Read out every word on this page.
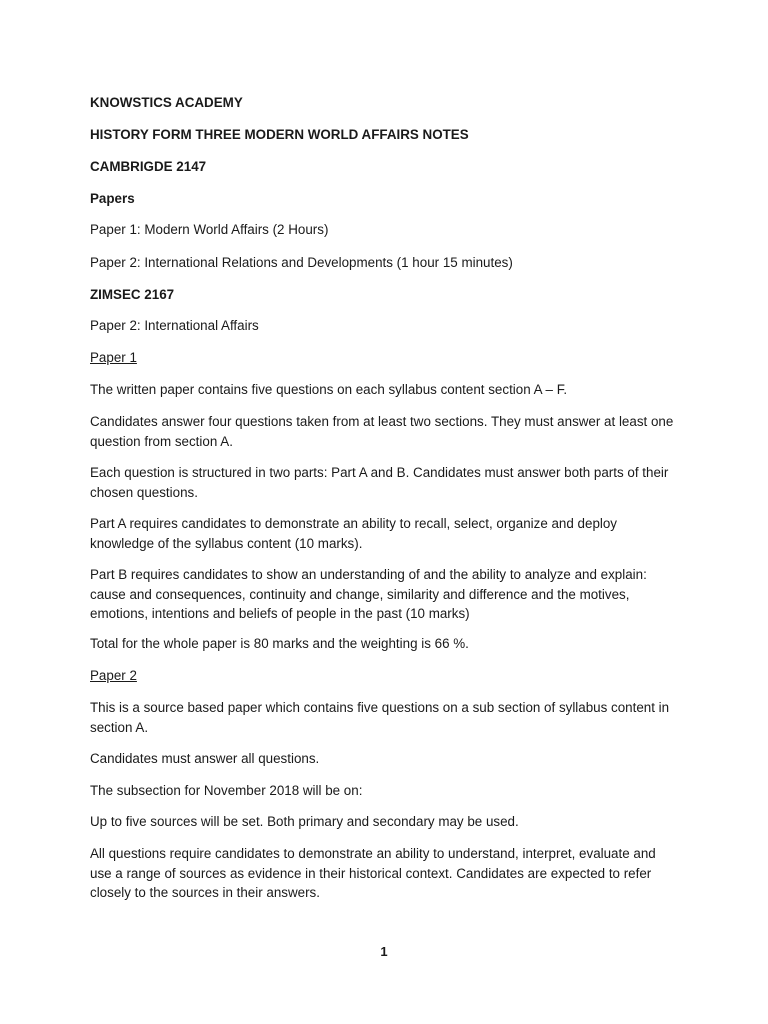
KNOWSTICS ACADEMY

HISTORY FORM THREE MODERN WORLD AFFAIRS NOTES

CAMBRIGDE 2147

Papers

Paper 1: Modern World Affairs (2 Hours)

Paper 2: International Relations and Developments (1 hour 15 minutes)

ZIMSEC 2167

Paper 2: International Affairs

Paper 1

The written paper contains five questions on each syllabus content section A – F.

Candidates answer four questions taken from at least two sections. They must answer at least one question from section A.

Each question is structured in two parts: Part A and B. Candidates must answer both parts of their chosen questions.

Part A requires candidates to demonstrate an ability to recall, select, organize and deploy knowledge of the syllabus content (10 marks).

Part B requires candidates to show an understanding of and the ability to analyze and explain: cause and consequences, continuity and change, similarity and difference and the motives, emotions, intentions and beliefs of people in the past (10 marks)

Total for the whole paper is 80 marks and the weighting is 66 %.

Paper 2

This is a source based paper which contains five questions on a sub section of syllabus content in section A.

Candidates must answer all questions.

The subsection for November 2018 will be on:

Up to five sources will be set. Both primary and secondary may be used.

All questions require candidates to demonstrate an ability to understand, interpret, evaluate and use a range of sources as evidence in their historical context. Candidates are expected to refer closely to the sources in their answers.

1
